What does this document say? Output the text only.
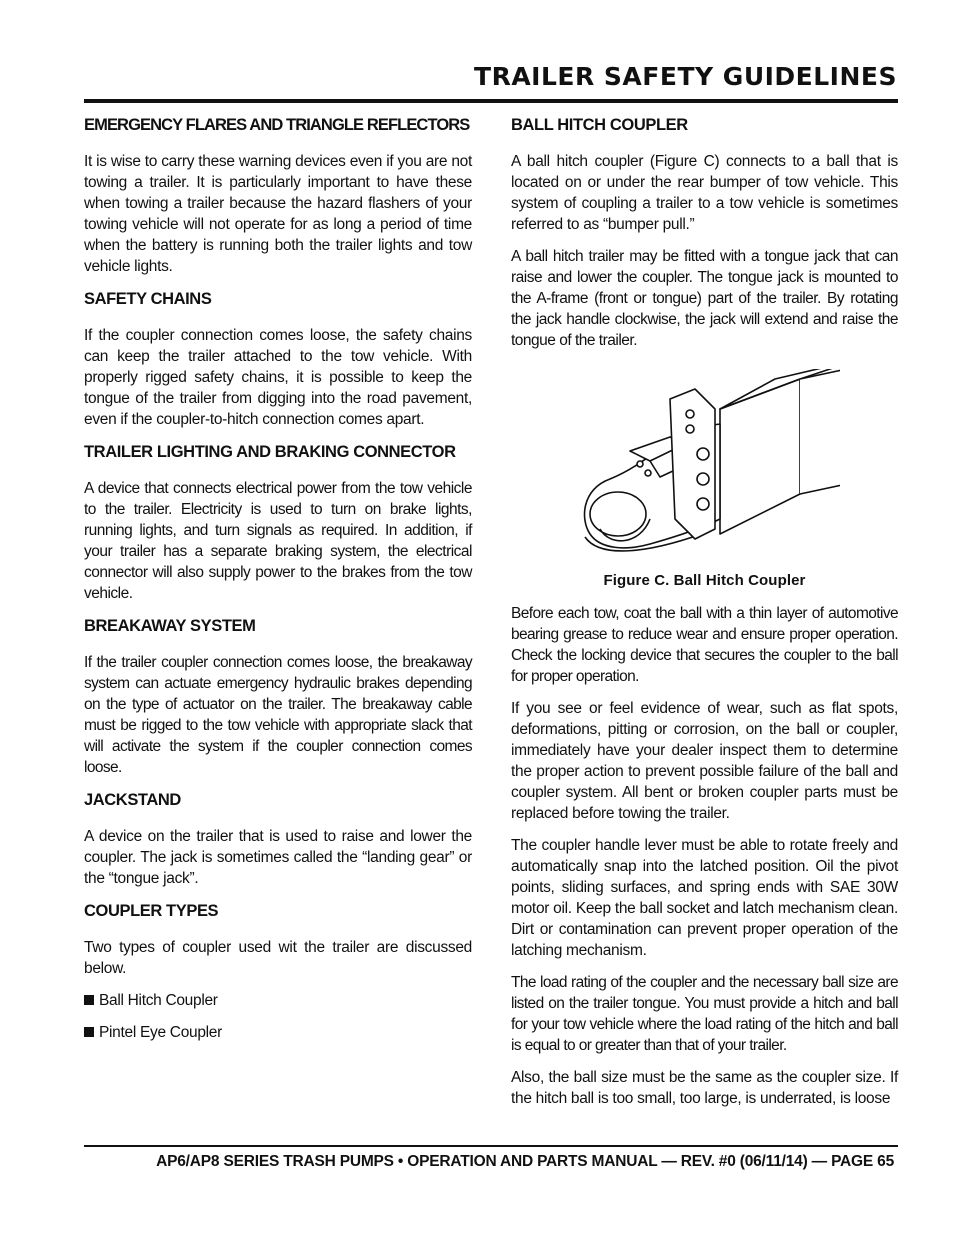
TRAILER SAFETY GUIDELINES
EMERGENCY FLARES AND TRIANGLE REFLECTORS

It is wise to carry these warning devices even if you are not towing a trailer. It is particularly important to have these when towing a trailer because the hazard flashers of your towing vehicle will not operate for as long a period of time when the battery is running both the trailer lights and tow vehicle lights.

SAFETY CHAINS

If the coupler connection comes loose, the safety chains can keep the trailer attached to the tow vehicle. With properly rigged safety chains, it is possible to keep the tongue of the trailer from digging into the road pavement, even if the coupler-to-hitch connection comes apart.

TRAILER LIGHTING AND BRAKING CONNECTOR

A device that connects electrical power from the tow vehicle to the trailer. Electricity is used to turn on brake lights, running lights, and turn signals as required. In addition, if your trailer has a separate braking system, the electrical connector will also supply power to the brakes from the tow vehicle.

BREAKAWAY SYSTEM

If the trailer coupler connection comes loose, the breakaway system can actuate emergency hydraulic brakes depending on the type of actuator on the trailer. The breakaway cable must be rigged to the tow vehicle with appropriate slack that will activate the system if the coupler connection comes loose.

JACKSTAND

A device on the trailer that is used to raise and lower the coupler. The jack is sometimes called the “landing gear” or the “tongue jack”.

COUPLER TYPES

Two types of coupler used wit the trailer are discussed below.

Ball Hitch Coupler
Pintel Eye Coupler
BALL HITCH COUPLER

A ball hitch coupler (Figure C) connects to a ball that is located on or under the rear bumper of tow vehicle. This system of coupling a trailer to a tow vehicle is sometimes referred to as “bumper pull.”

A ball hitch trailer may be fitted with a tongue jack that can raise and lower the coupler. The tongue jack is mounted to the A-frame (front or tongue) part of the trailer. By rotating the jack handle clockwise, the jack will extend and raise the tongue of the trailer.

Figure C. Ball Hitch Coupler

Before each tow, coat the ball with a thin layer of automotive bearing grease to reduce wear and ensure proper operation. Check the locking device that secures the coupler to the ball for proper operation.

If you see or feel evidence of wear, such as flat spots, deformations, pitting or corrosion, on the ball or coupler, immediately have your dealer inspect them to determine the proper action to prevent possible failure of the ball and coupler system. All bent or broken coupler parts must be replaced before towing the trailer.

The coupler handle lever must be able to rotate freely and automatically snap into the latched position. Oil the pivot points, sliding surfaces, and spring ends with SAE 30W motor oil. Keep the ball socket and latch mechanism clean. Dirt or contamination can prevent proper operation of the latching mechanism.

The load rating of the coupler and the necessary ball size are listed on the trailer tongue. You must provide a hitch and ball for your tow vehicle where the load rating of the hitch and ball is equal to or greater than that of your trailer.

Also, the ball size must be the same as the coupler size. If the hitch ball is too small, too large, is underrated, is loose

AP6/AP8 SERIES TRASH PUMPS • OPERATION AND PARTS MANUAL — REV. #0 (06/11/14) — PAGE 65
